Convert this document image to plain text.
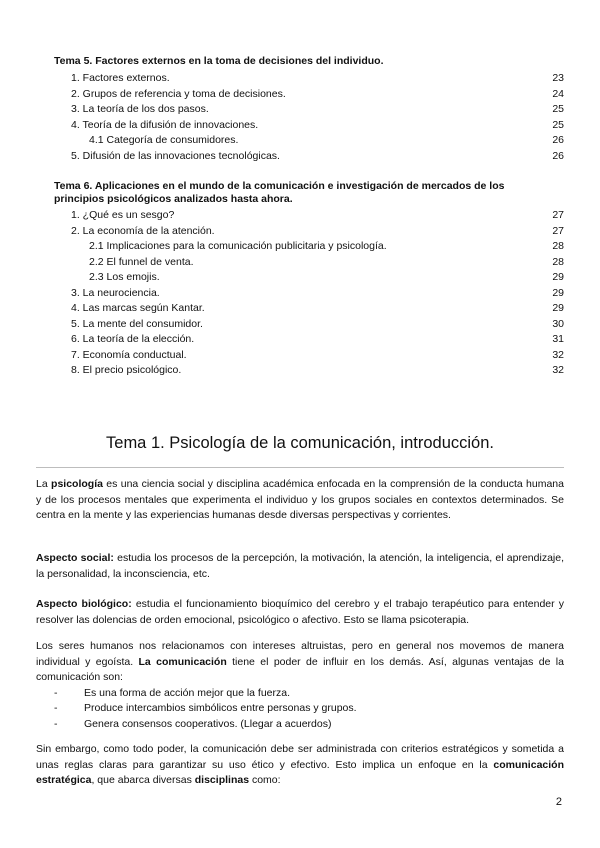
Tema 5. Factores externos en la toma de decisiones del individuo.

1. Factores externos.	23
2. Grupos de referencia y toma de decisiones.	24
3. La teoría de los dos pasos.	25
4. Teoría de la difusión de innovaciones.	25
4.1 Categoría de consumidores.	26
5. Difusión de las innovaciones tecnológicas.	26

Tema 6. Aplicaciones en el mundo de la comunicación e investigación de mercados de los

principios psicológicos analizados hasta ahora.

1. ¿Qué es un sesgo?	27
2. La economía de la atención.	27
2.1 Implicaciones para la comunicación publicitaria y psicología.	28
2.2 El funnel de venta.	28
2.3 Los emojis.	29
3. La neurociencia.	29
4. Las marcas según Kantar.	29
5. La mente del consumidor.	30
6. La teoría de la elección.	31
7. Economía conductual.	32
8. El precio psicológico.	32
Tema 1. Psicología de la comunicación, introducción.

La psicología es una ciencia social y disciplina académica enfocada en la comprensión de la conducta humana y de los procesos mentales que experimenta el individuo y los grupos sociales en contextos determinados. Se centra en la mente y las experiencias humanas desde diversas perspectivas y corrientes.

Aspecto social: estudia los procesos de la percepción, la motivación, la atención, la inteligencia, el aprendizaje, la personalidad, la inconsciencia, etc.

Aspecto biológico: estudia el funcionamiento bioquímico del cerebro y el trabajo terapéutico para entender y resolver las dolencias de orden emocional, psicológico o afectivo. Esto se llama psicoterapia.

Los seres humanos nos relacionamos con intereses altruistas, pero en general nos movemos de manera individual y egoísta. La comunicación tiene el poder de influir en los demás. Así, algunas ventajas de la comunicación son:

-	Es una forma de acción mejor que la fuerza.
-	Produce intercambios simbólicos entre personas y grupos.
-	Genera consensos cooperativos. (Llegar a acuerdos)

Sin embargo, como todo poder, la comunicación debe ser administrada con criterios estratégicos y sometida a unas reglas claras para garantizar su uso ético y efectivo. Esto implica un enfoque en la comunicación estratégica, que abarca diversas disciplinas como:

2
